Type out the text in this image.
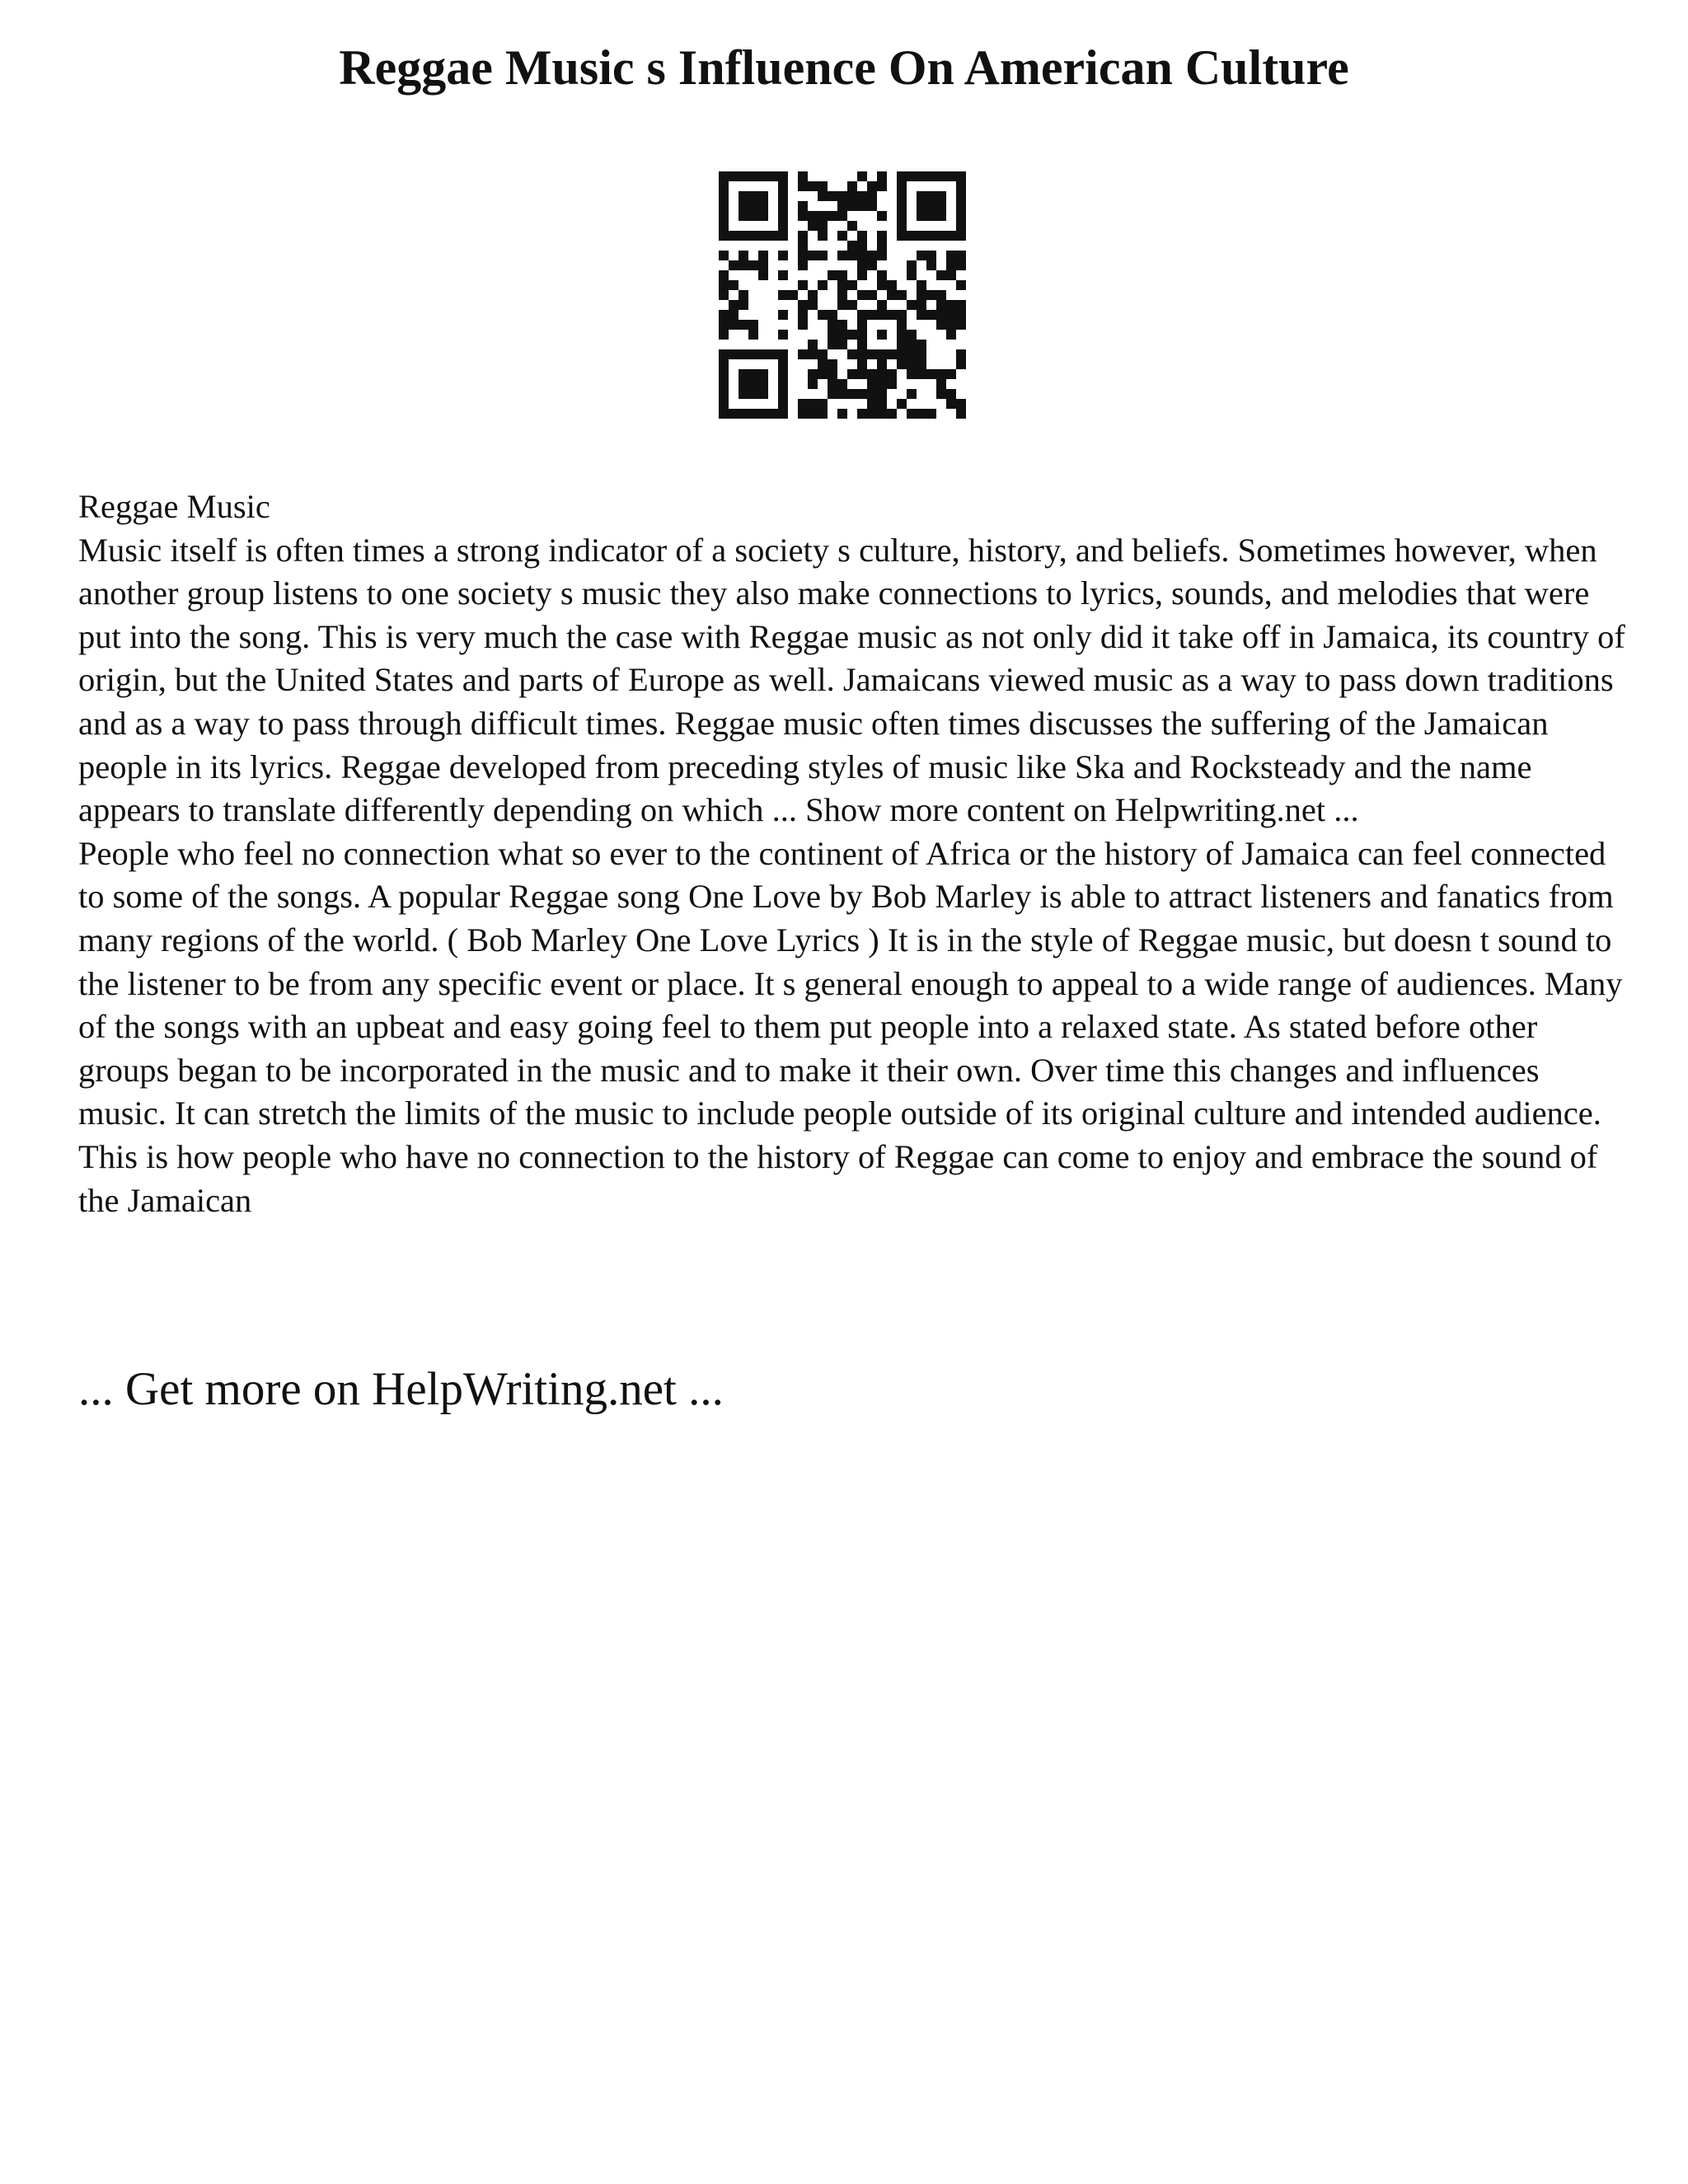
Reggae Music s Influence On American Culture

Reggae Music

Music itself is often times a strong indicator of a society s culture, history, and beliefs. Sometimes however, when another group listens to one society s music they also make connections to lyrics, sounds, and melodies that were put into the song. This is very much the case with Reggae music as not only did it take off in Jamaica, its country of origin, but the United States and parts of Europe as well. Jamaicans viewed music as a way to pass down traditions and as a way to pass through difficult times. Reggae music often times discusses the suffering of the Jamaican people in its lyrics. Reggae developed from preceding styles of music like Ska and Rocksteady and the name appears to translate differently depending on which ... Show more content on Helpwriting.net ...

People who feel no connection what so ever to the continent of Africa or the history of Jamaica can feel connected to some of the songs. A popular Reggae song One Love by Bob Marley is able to attract listeners and fanatics from many regions of the world. ( Bob Marley One Love Lyrics ) It is in the style of Reggae music, but doesn t sound to the listener to be from any specific event or place. It s general enough to appeal to a wide range of audiences. Many of the songs with an upbeat and easy going feel to them put people into a relaxed state. As stated before other groups began to be incorporated in the music and to make it their own. Over time this changes and influences music. It can stretch the limits of the music to include people outside of its original culture and intended audience. This is how people who have no connection to the history of Reggae can come to enjoy and embrace the sound of the Jamaican

... Get more on HelpWriting.net ...
